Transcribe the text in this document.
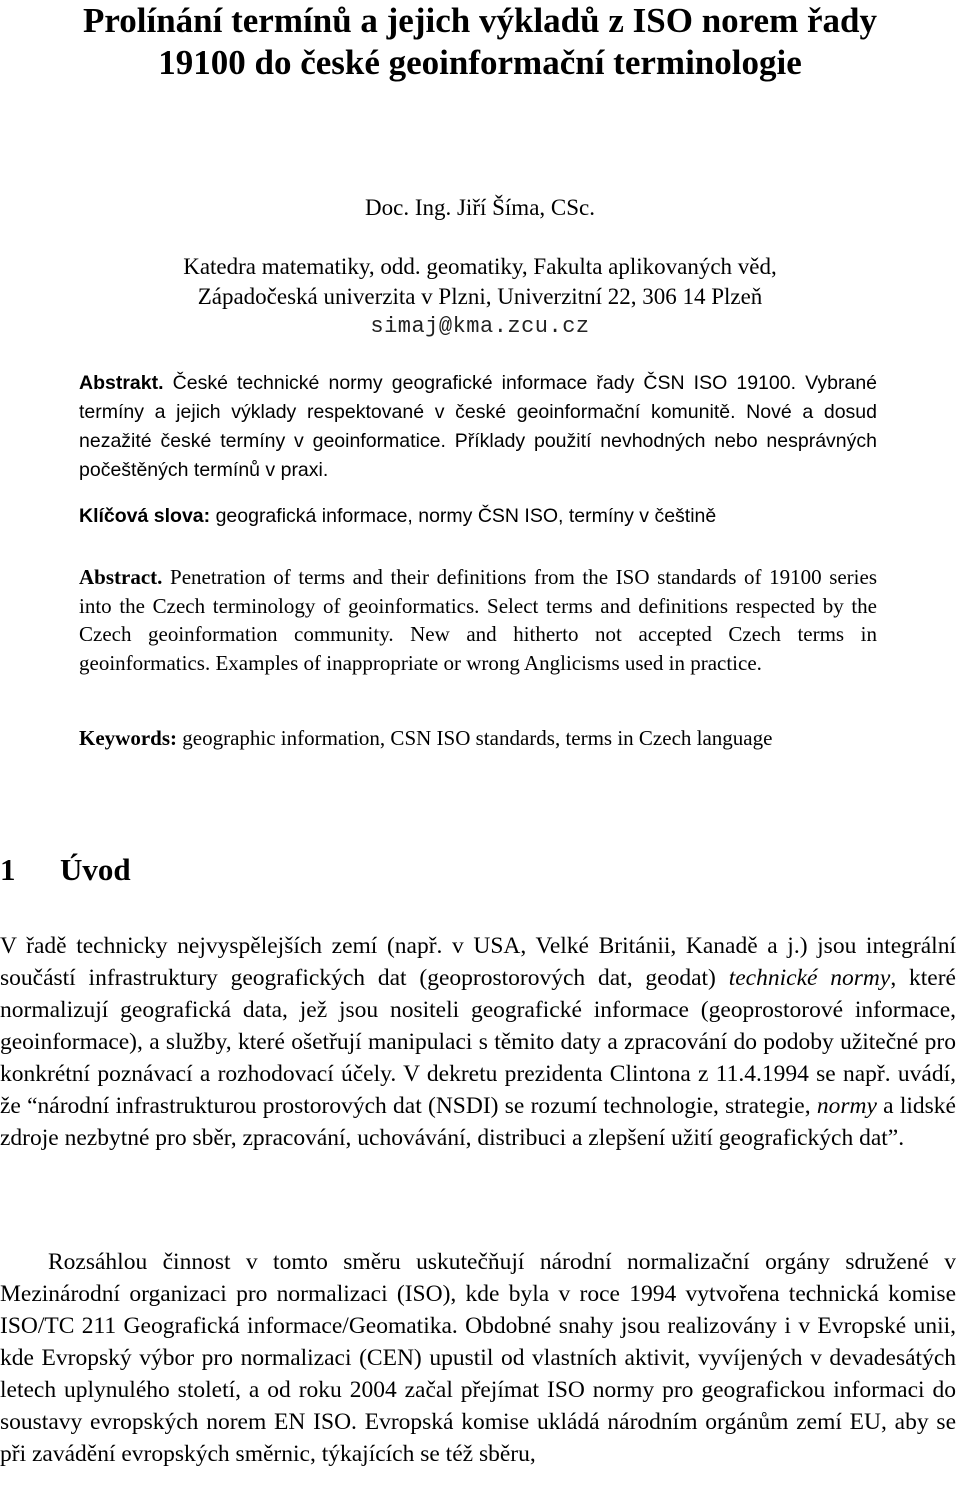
Prolínání termínů a jejich výkladů z ISO norem řady
19100 do české geoinformační terminologie
Doc. Ing. Jiří Šíma, CSc.
Katedra matematiky, odd. geomatiky, Fakulta aplikovaných věd,
Západočeská univerzita v Plzni, Univerzitní 22, 306 14 Plzeň
simaj@kma.zcu.cz
Abstrakt. České technické normy geografické informace řady ČSN ISO 19100. Vybrané termíny a jejich výklady respektované v české geoinformační komunitě. Nové a dosud nezažité české termíny v geoinformatice. Příklady použití nevhodných nebo nesprávných počeštěných termínů v praxi.
Klíčová slova: geografická informace, normy ČSN ISO, termíny v češtině
Abstract. Penetration of terms and their definitions from the ISO standards of 19100 series into the Czech terminology of geoinformatics. Select terms and definitions respected by the Czech geoinformation community. New and hitherto not accepted Czech terms in geoinformatics. Examples of inappropriate or wrong Anglicisms used in practice.
Keywords: geographic information, CSN ISO standards, terms in Czech language
1 Úvod
V řadě technicky nejvyspělejších zemí (např. v USA, Velké Británii, Kanadě a j.) jsou integrální součástí infrastruktury geografických dat (geoprostorových dat, geodat) technické normy, které normalizují geografická data, jež jsou nositeli geografické informace (geoprostorové informace, geoinformace), a služby, které ošetřují manipulaci s těmito daty a zpracování do podoby užitečné pro konkrétní poznávací a rozhodovací účely. V dekretu prezidenta Clintona z 11.4.1994 se např. uvádí, že “národní infrastrukturou prostorových dat (NSDI) se rozumí technologie, strategie, normy a lidské zdroje nezbytné pro sběr, zpracování, uchovávání, distribuci a zlepšení užití geografických dat”.
Rozsáhlou činnost v tomto směru uskutečňují národní normalizační orgány sdružené v Mezinárodní organizaci pro normalizaci (ISO), kde byla v roce 1994 vytvořena technická komise ISO/TC 211 Geografická informace/Geomatika. Obdobné snahy jsou realizovány i v Evropské unii, kde Evropský výbor pro normalizaci (CEN) upustil od vlastních aktivit, vyvíjených v devadesátých letech uplynulého století, a od roku 2004 začal přejímat ISO normy pro geografickou informaci do soustavy evropských norem EN ISO. Evropská komise ukládá národním orgánům zemí EU, aby se při zavádění evropských směrnic, týkajících se též sběru,
